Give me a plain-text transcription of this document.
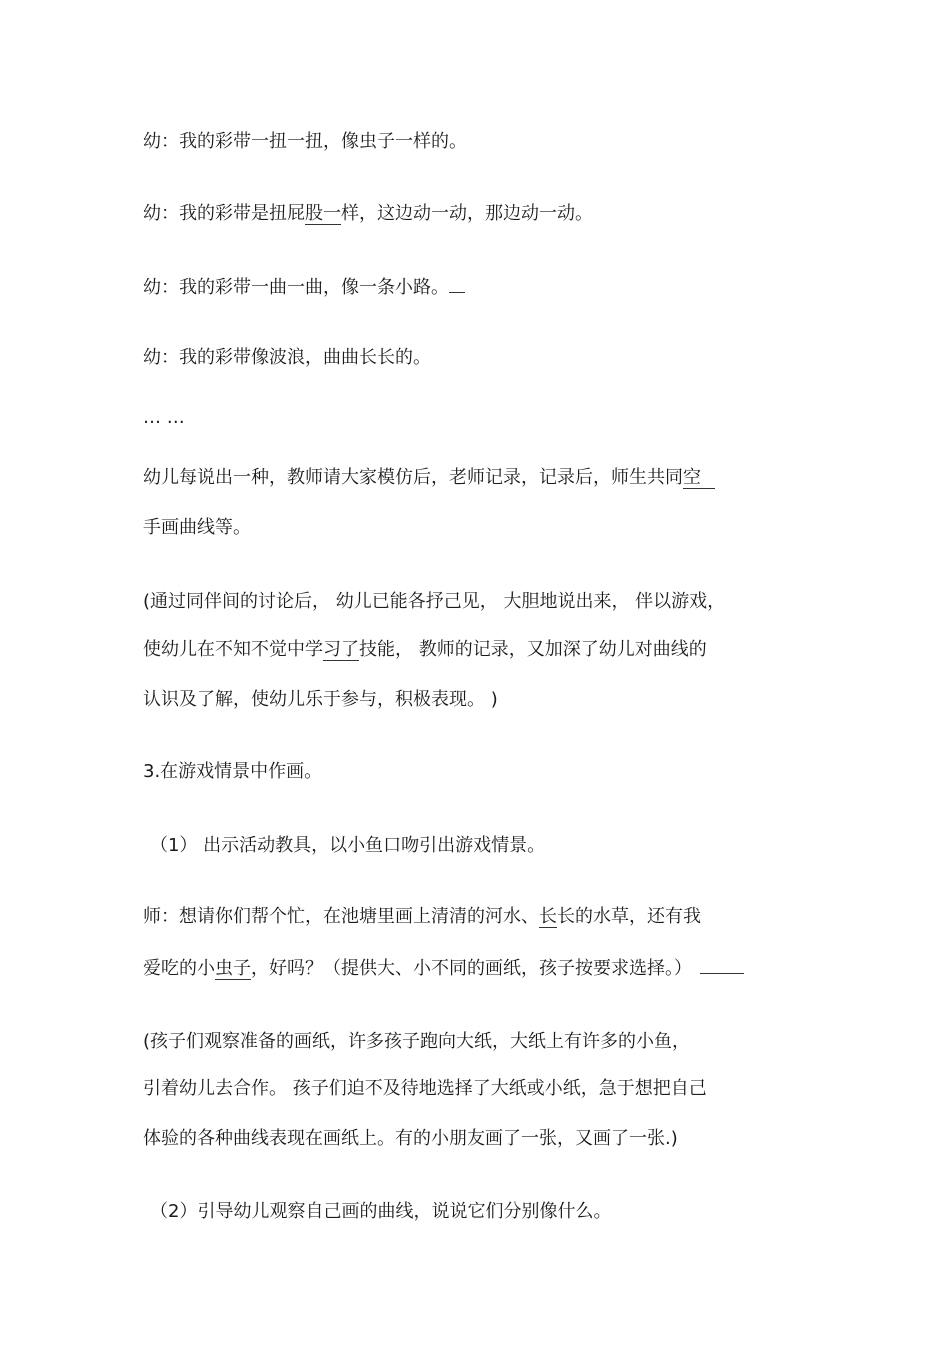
幼：我的彩带一扭一扭，像虫子一样的。

幼：我的彩带是扭屁股一样，这边动一动，那边动一动。

幼：我的彩带一曲一曲，像一条小路。

幼：我的彩带像波浪，曲曲长长的。

… …

幼儿每说出一种，教师请大家模仿后，老师记录，记录后，师生共同空

手画曲线等。

(通过同伴间的讨论后， 幼儿已能各抒己见， 大胆地说出来， 伴以游戏，

使幼儿在不知不觉中学习了技能， 教师的记录，又加深了幼儿对曲线的

认识及了解，使幼儿乐于参与，积极表现。 )

3.在游戏情景中作画。

（1） 出示活动教具，以小鱼口吻引出游戏情景。

师：想请你们帮个忙，在池塘里画上清清的河水、长长的水草，还有我

爱吃的小虫子，好吗？（提供大、小不同的画纸，孩子按要求选择。）

(孩子们观察准备的画纸，许多孩子跑向大纸，大纸上有许多的小鱼，

引着幼儿去合作。 孩子们迫不及待地选择了大纸或小纸，急于想把自己

体验的各种曲线表现在画纸上。有的小朋友画了一张，又画了一张.)

（2）引导幼儿观察自己画的曲线，说说它们分别像什么。
